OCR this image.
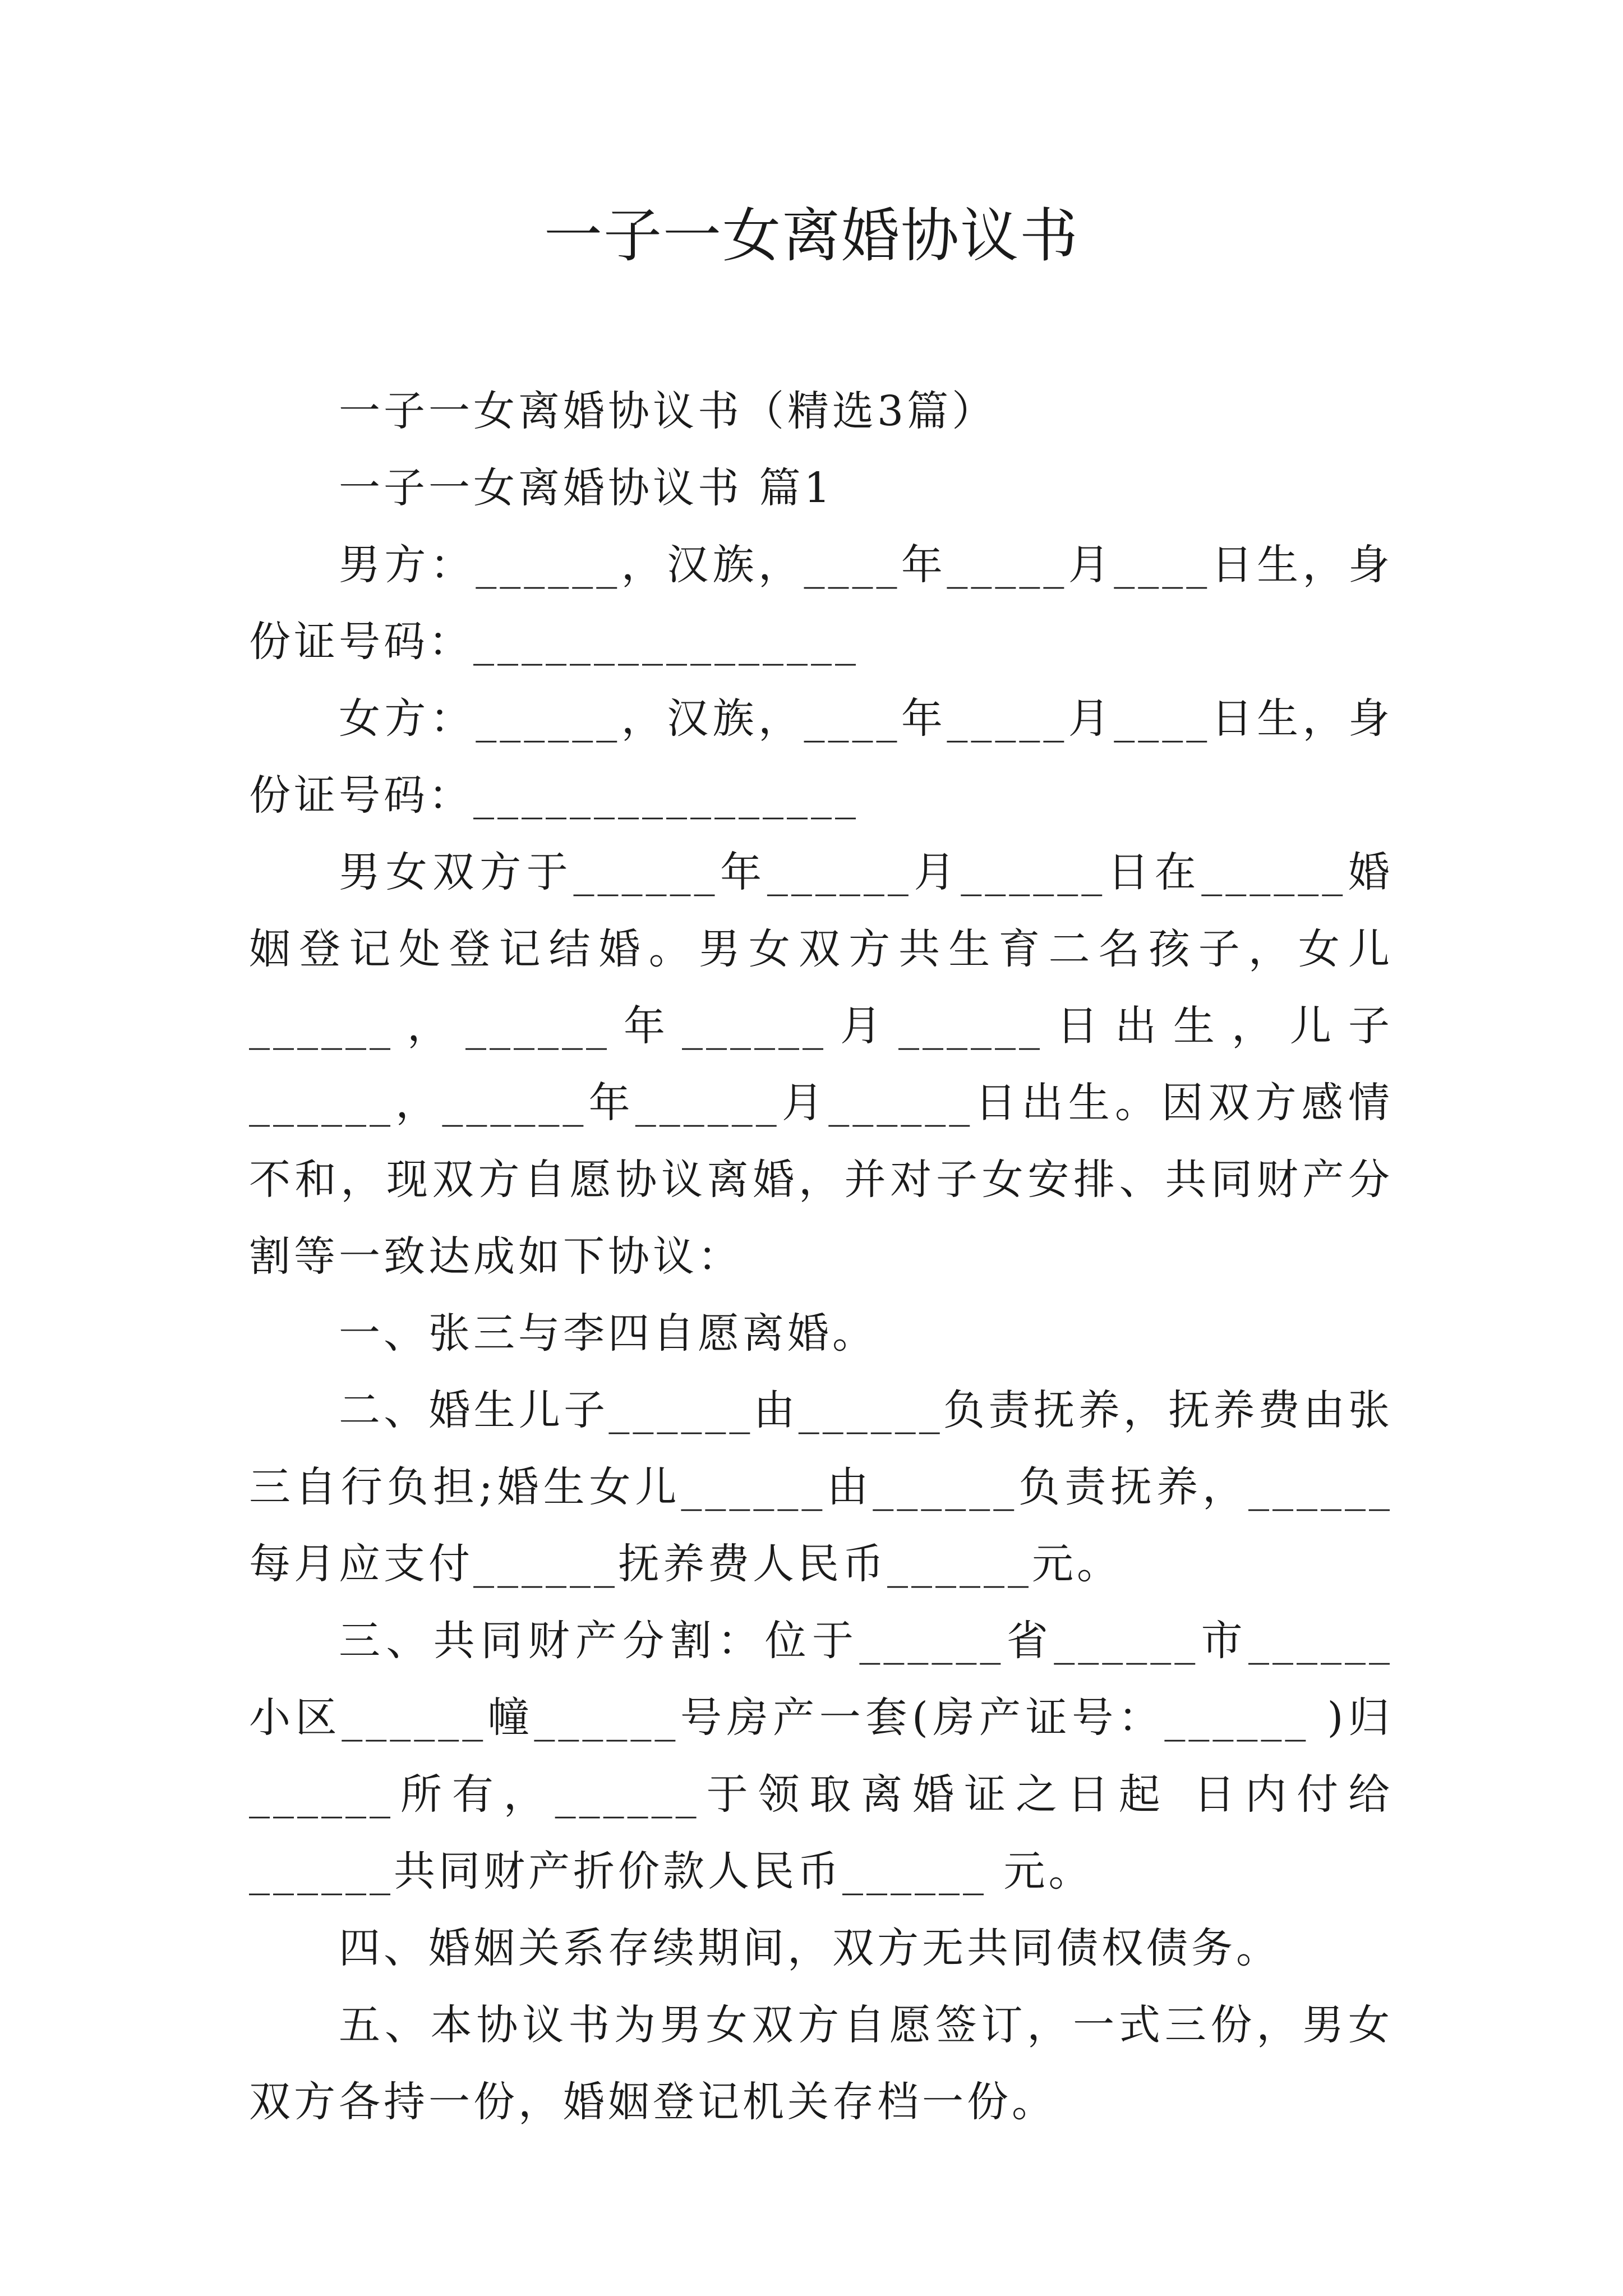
一子一女离婚协议书

一子一女离婚协议书（精选3篇）

一子一女离婚协议书 篇1

男方：______，汉族，____年_____月____日生，身份证号码：________________

女方：______，汉族，____年_____月____日生，身份证号码：________________

男女双方于______年______月______日在______婚姻登记处登记结婚。男女双方共生育二名孩子，女儿______，______年______月______日出生，儿子______，______年______月______日出生。因双方感情不和，现双方自愿协议离婚，并对子女安排、共同财产分割等一致达成如下协议：

一、张三与李四自愿离婚。

二、婚生儿子______由______负责抚养，抚养费由张三自行负担;婚生女儿______由______负责抚养，______每月应支付______抚养费人民币______元。

三、共同财产分割：位于______省______市______小区______幢______号房产一套(房产证号：______ )归______所有，______于领取离婚证之日起 日内付给______共同财产折价款人民币______ 元。

四、婚姻关系存续期间，双方无共同债权债务。

五、本协议书为男女双方自愿签订，一式三份，男女双方各持一份，婚姻登记机关存档一份。
